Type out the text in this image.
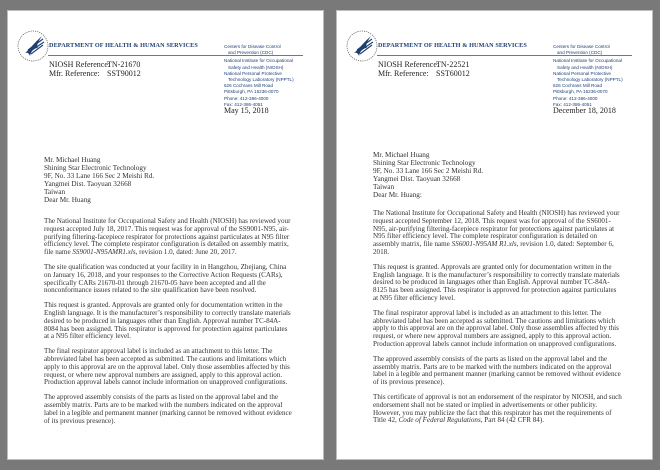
DEPARTMENT OF HEALTH & HUMAN SERVICES
NIOSH Reference:TN-21670
Mfr. Reference: SST90012
Centers for Disease Control
and Prevention (CDC)
National Institute for Occupational
Safety and Health (NIOSH)
National Personal Protective
Technology Laboratory (NPPTL)
626 Cochrans Mill Road
Pittsburgh, PA 15236-0070
Phone: 412-386-4000
Fax: 412-386-4051
May 15, 2018
Mr. Michael Huang
Shining Star Electronic Technology
9F, No. 33 Lane 166 Sec 2 Meishi Rd.
Yangmei Dist. Taoyuan 32668
Taiwan
Dear Mr. Huang

The National Institute for Occupational Safety and Health (NIOSH) has reviewed your request accepted July 18, 2017. This request was for approval of the SS9001-N95, air-purifying filtering-facepiece respirator for protections against particulates at N95 filter efficiency level. The complete respirator configuration is detailed on assembly matrix, file name SS9001-N95AMR1.xls, revision 1.0, dated: June 20, 2017.

The site qualification was conducted at your facility in in Hangzhou, Zhejiang, China on January 16, 2018, and your responses to the Corrective Action Requests (CARs), specifically CARs 21670-01 through 21670-05 have been accepted and all the nonconformance issues related to the site qualification have been resolved.

This request is granted. Approvals are granted only for documentation written in the English language. It is the manufacturer’s responsibility to correctly translate materials desired to be produced in languages other than English. Approval number TC-84A-8084 has been assigned. This respirator is approved for protection against particulates at a N95 filter efficiency level.

The final respirator approval label is included as an attachment to this letter. The abbreviated label has been accepted as submitted. The cautions and limitations which apply to this approval are on the approval label. Only those assemblies affected by this request, or where new approval numbers are assigned, apply to this approval action. Production approval labels cannot include information on unapproved configurations.

The approved assembly consists of the parts as listed on the approval label and the assembly matrix. Parts are to be marked with the numbers indicated on the approval label in a legible and permanent manner (marking cannot be removed without evidence of its previous presence).

DEPARTMENT OF HEALTH & HUMAN SERVICES
NIOSH Reference:TN-22521
Mfr. Reference: SST60012
Centers for Disease Control
and Prevention (CDC)
National Institute for Occupational
Safety and Health (NIOSH)
National Personal Protective
Technology Laboratory (NPPTL)
626 Cochrans Mill Road
Pittsburgh, PA 15236-0070
Phone: 412-386-4000
Fax: 412-386-4051
December 18, 2018
Mr. Michael Huang
Shining Star Electronic Technology
9F, No. 33 Lane 166 Sec 2 Meishi Rd.
Yangmei Dist. Taoyuan 32668
Taiwan
Dear Mr. Huang:

The National Institute for Occupational Safety and Health (NIOSH) has reviewed your request accepted September 12, 2018. This request was for approval of the SS6001-N95, air-purifying filtering-facepiece respirator for protections against particulates at N95 filter efficiency level. The complete respirator configuration is detailed on assembly matrix, file name SS6001-N95AM R1.xls, revision 1.0, dated: September 6, 2018.

This request is granted. Approvals are granted only for documentation written in the English language. It is the manufacturer’s responsibility to correctly translate materials desired to be produced in languages other than English. Approval number TC-84A-8125 has been assigned. This respirator is approved for protection against particulates at N95 filter efficiency level.

The final respirator approval label is included as an attachment to this letter. The abbreviated label has been accepted as submitted. The cautions and limitations which apply to this approval are on the approval label. Only those assemblies affected by this request, or where new approval numbers are assigned, apply to this approval action. Production approval labels cannot include information on unapproved configurations.

The approved assembly consists of the parts as listed on the approval label and the assembly matrix. Parts are to be marked with the numbers indicated on the approval label in a legible and permanent manner (marking cannot be removed without evidence of its previous presence).

This certificate of approval is not an endorsement of the respirator by NIOSH, and such endorsement shall not be stated or implied in advertisements or other publicity. However, you may publicize the fact that this respirator has met the requirements of Title 42, Code of Federal Regulations, Part 84 (42 CFR 84).
